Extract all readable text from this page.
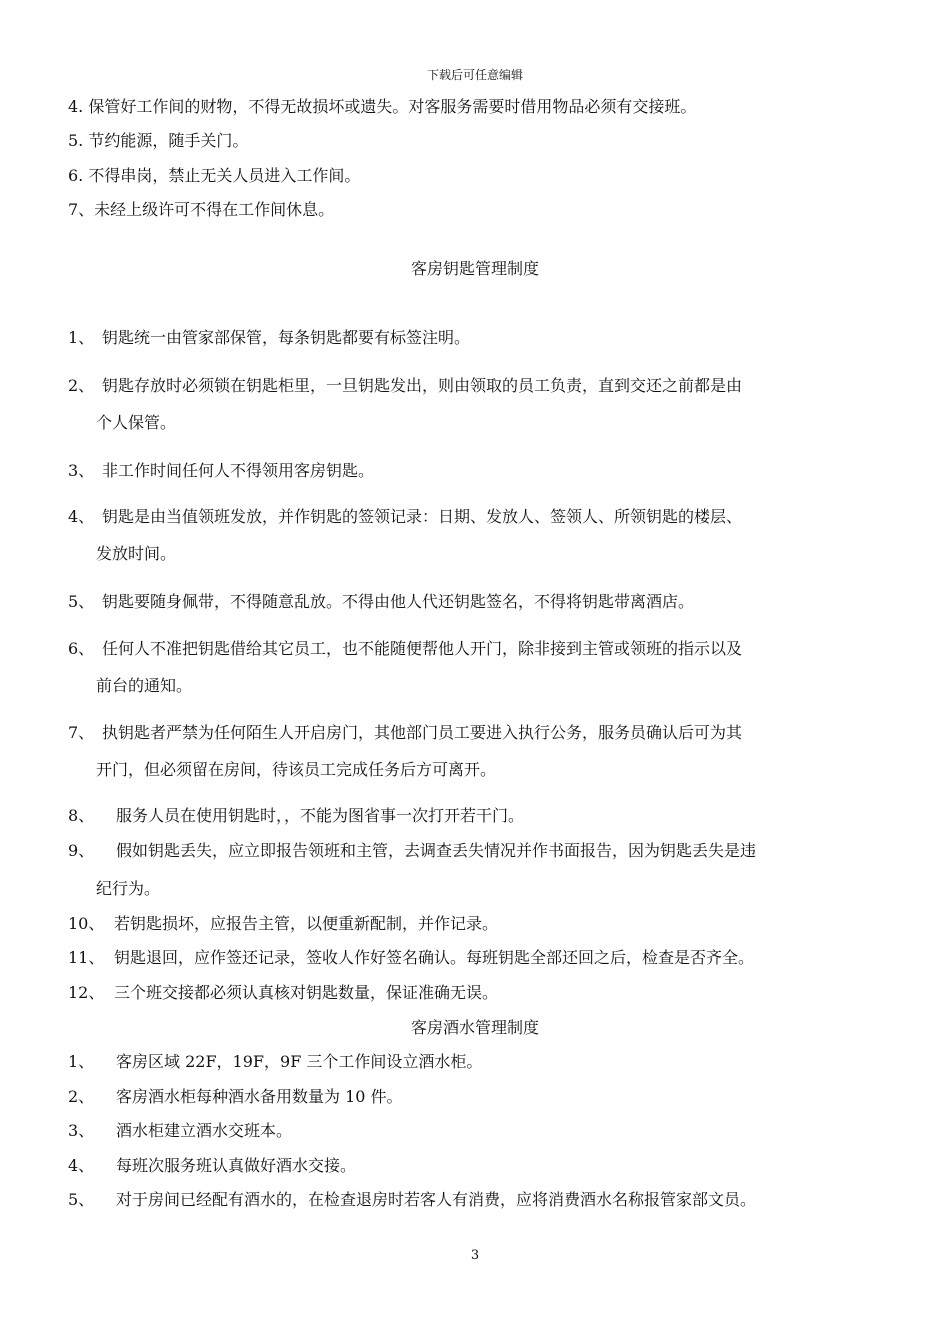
下载后可任意编辑
4. 保管好工作间的财物，不得无故损坏或遗失。对客服务需要时借用物品必须有交接班。
5. 节约能源，随手关门。
6. 不得串岗，禁止无关人员进入工作间。
7、未经上级许可不得在工作间休息。
客房钥匙管理制度
1、 钥匙统一由管家部保管，每条钥匙都要有标签注明。
2、 钥匙存放时必须锁在钥匙柜里，一旦钥匙发出，则由领取的员工负责，直到交还之前都是由
个人保管。
3、 非工作时间任何人不得领用客房钥匙。
4、 钥匙是由当值领班发放，并作钥匙的签领记录：日期、发放人、签领人、所领钥匙的楼层、
发放时间。
5、 钥匙要随身佩带，不得随意乱放。不得由他人代还钥匙签名，不得将钥匙带离酒店。
6、 任何人不准把钥匙借给其它员工，也不能随便帮他人开门，除非接到主管或领班的指示以及
前台的通知。
7、 执钥匙者严禁为任何陌生人开启房门，其他部门员工要进入执行公务，服务员确认后可为其
开门，但必须留在房间，待该员工完成任务后方可离开。
8、 服务人员在使用钥匙时，，不能为图省事一次打开若干门。
9、 假如钥匙丢失，应立即报告领班和主管，去调查丢失情况并作书面报告，因为钥匙丢失是违
纪行为。
10、 若钥匙损坏，应报告主管，以便重新配制，并作记录。
11、 钥匙退回，应作签还记录，签收人作好签名确认。每班钥匙全部还回之后，检查是否齐全。
12、 三个班交接都必须认真核对钥匙数量，保证准确无误。
客房酒水管理制度
1、 客房区域 22F，19F，9F 三个工作间设立酒水柜。
2、 客房酒水柜每种酒水备用数量为 10 件。
3、 酒水柜建立酒水交班本。
4、 每班次服务班认真做好酒水交接。
5、 对于房间已经配有酒水的，在检查退房时若客人有消费，应将消费酒水名称报管家部文员。
3
